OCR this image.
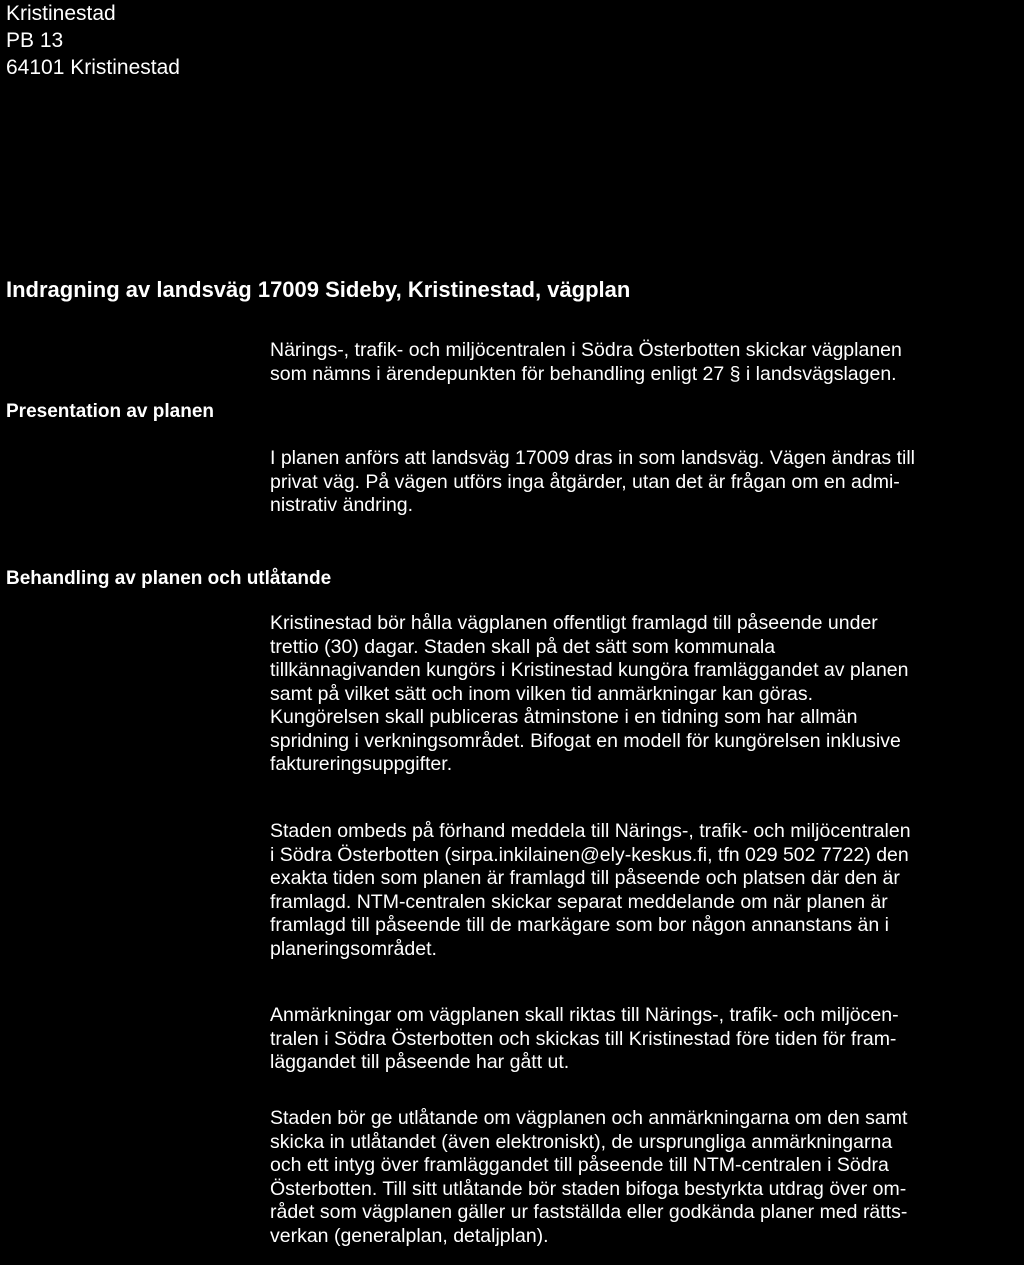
Kristinestad
PB 13
64101 Kristinestad
Indragning av landsväg 17009 Sideby, Kristinestad, vägplan
Presentation av planen
Behandling av planen och utlåtande
Närings-, trafik- och miljöcentralen i Södra Österbotten skickar vägplanen
som nämns i ärendepunkten för behandling enligt 27 § i landsvägslagen.
I planen anförs att landsväg 17009 dras in som landsväg. Vägen ändras till
privat väg. På vägen utförs inga åtgärder, utan det är frågan om en admi-
nistrativ ändring.
Kristinestad bör hålla vägplanen offentligt framlagd till påseende under
trettio (30) dagar. Staden skall på det sätt som kommunala
tillkännagivanden kungörs i Kristinestad kungöra framläggandet av planen
samt på vilket sätt och inom vilken tid anmärkningar kan göras.
Kungörelsen skall publiceras åtminstone i en tidning som har allmän
spridning i verkningsområdet. Bifogat en modell för kungörelsen inklusive
faktureringsuppgifter.
Staden ombeds på förhand meddela till Närings-, trafik- och miljöcentralen
i Södra Österbotten (sirpa.inkilainen@ely-keskus.fi, tfn 029 502 7722) den
exakta tiden som planen är framlagd till påseende och platsen där den är
framlagd. NTM-centralen skickar separat meddelande om när planen är
framlagd till påseende till de markägare som bor någon annanstans än i
planeringsområdet.
Anmärkningar om vägplanen skall riktas till Närings-, trafik- och miljöcen-
tralen i Södra Österbotten och skickas till Kristinestad före tiden för fram-
läggandet till påseende har gått ut.
Staden bör ge utlåtande om vägplanen och anmärkningarna om den samt
skicka in utlåtandet (även elektroniskt), de ursprungliga anmärkningarna
och ett intyg över framläggandet till påseende till NTM-centralen i Södra
Österbotten. Till sitt utlåtande bör staden bifoga bestyrkta utdrag över om-
rådet som vägplanen gäller ur fastställda eller godkända planer med rätts-
verkan (generalplan, detaljplan).
